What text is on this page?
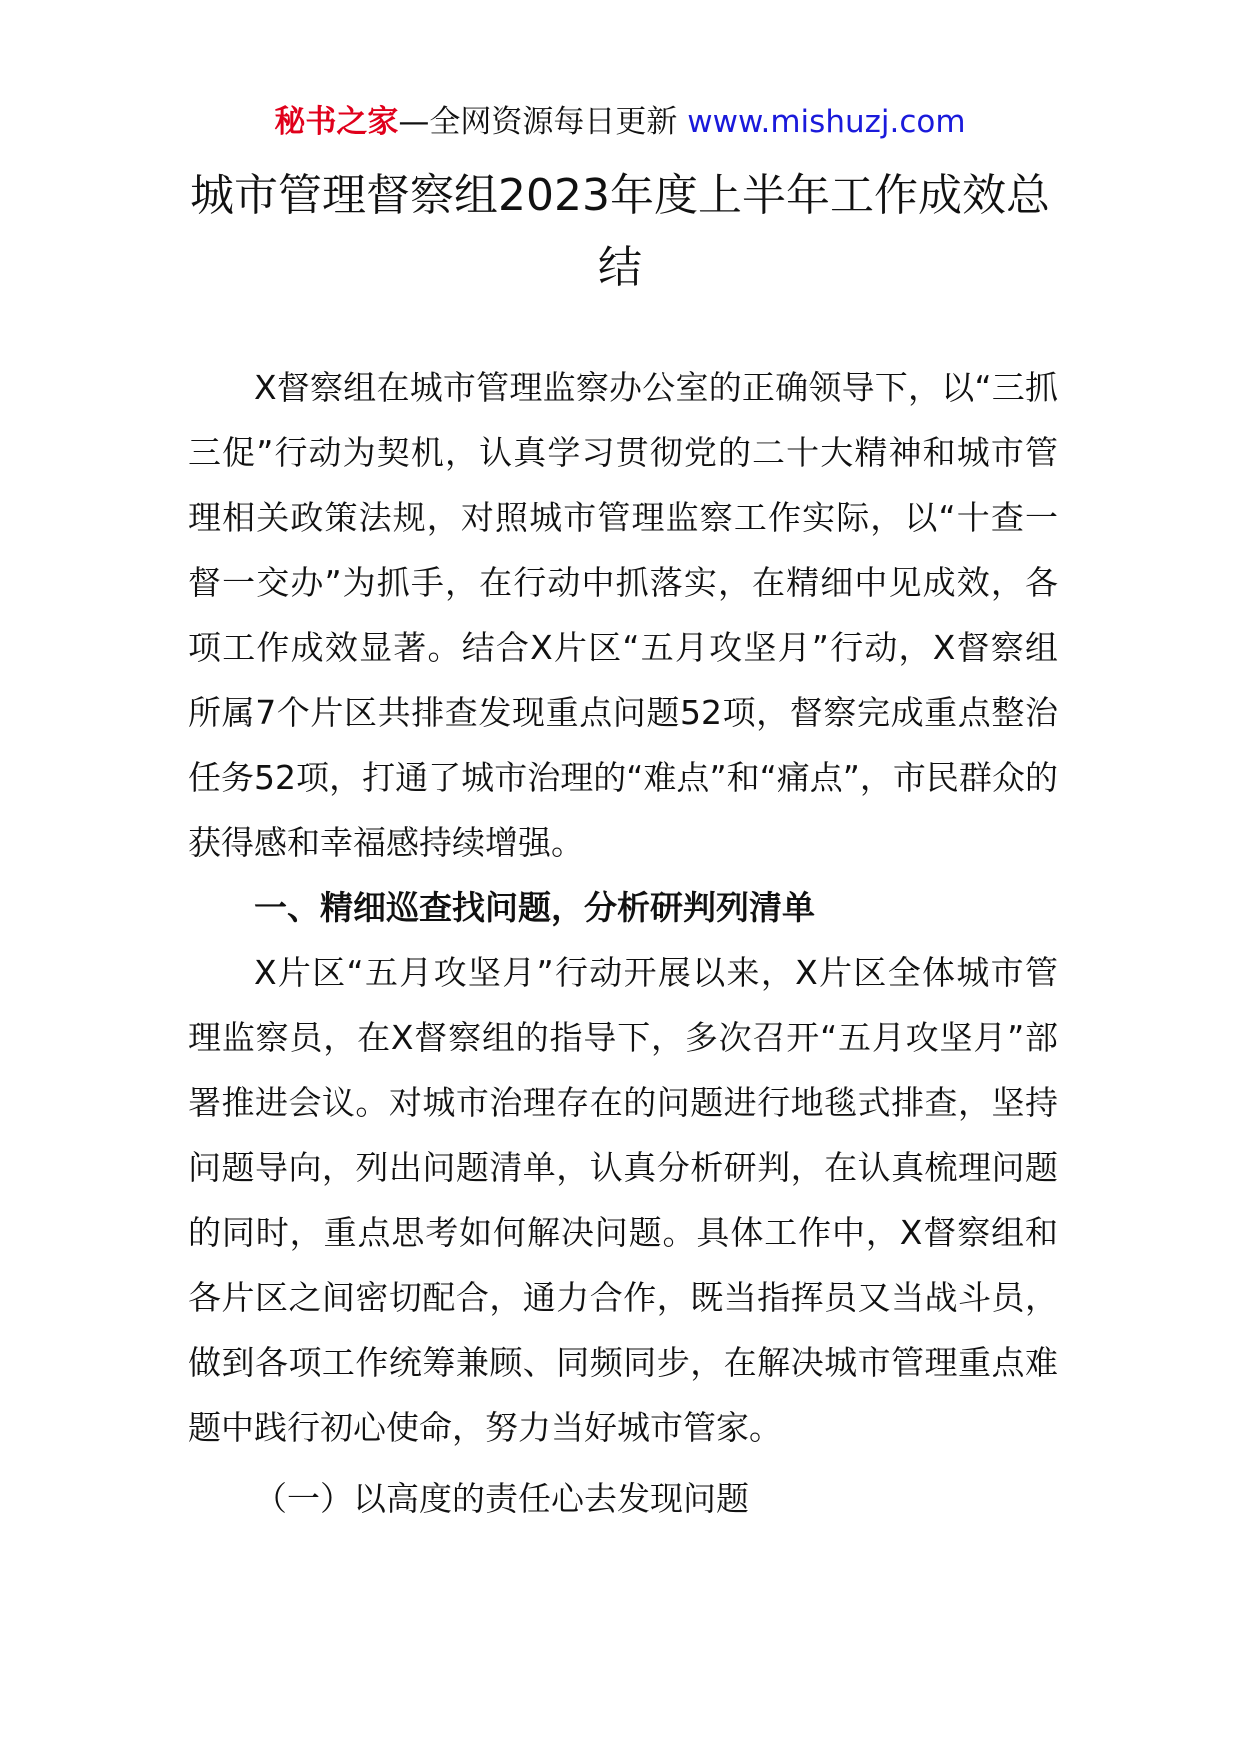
秘书之家—全网资源每日更新 www.mishuzj.com
城市管理督察组2023年度上半年工作成效总结

X督察组在城市管理监察办公室的正确领导下，以“三抓三促”行动为契机，认真学习贯彻党的二十大精神和城市管理相关政策法规，对照城市管理监察工作实际，以“十查一督一交办”为抓手，在行动中抓落实，在精细中见成效，各项工作成效显著。结合X片区“五月攻坚月”行动，X督察组所属7个片区共排查发现重点问题52项，督察完成重点整治任务52项，打通了城市治理的“难点”和“痛点”，市民群众的获得感和幸福感持续增强。

一、精细巡查找问题，分析研判列清单

X片区“五月攻坚月”行动开展以来，X片区全体城市管理监察员，在X督察组的指导下，多次召开“五月攻坚月”部署推进会议。对城市治理存在的问题进行地毯式排查，坚持问题导向，列出问题清单，认真分析研判，在认真梳理问题的同时，重点思考如何解决问题。具体工作中，X督察组和各片区之间密切配合，通力合作，既当指挥员又当战斗员，做到各项工作统筹兼顾、同频同步，在解决城市管理重点难题中践行初心使命，努力当好城市管家。

（一）以高度的责任心去发现问题
